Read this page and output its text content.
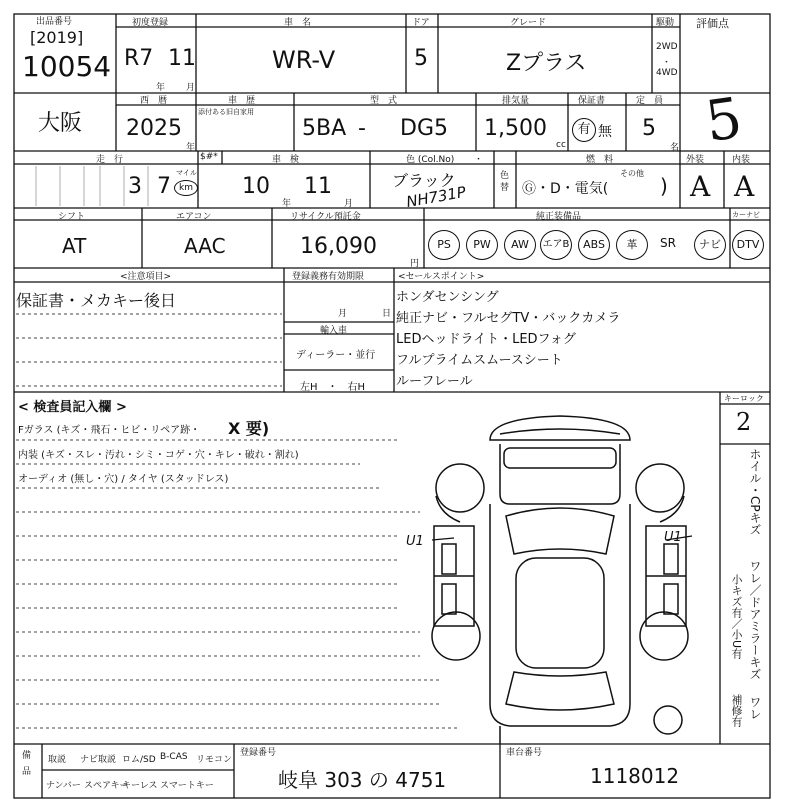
出品番号
[2019]
10054
初度登録
R7 11
年 月
車　名
WR-V
ドア
5
グレード
Zプラス
駆動
2WD
・
4WD
評価点
5
大阪
西　暦
2025
年
車　歴
添付ある旧自家用
型　式
5BA - DG5
排気量
1,500
cc
保証書
有 無
定　員
5
名
走　行	$#*
3 7
マイル
km
車　検
10
年
11
月
色 (Col.No) ・
ブラック
NH731P
色替
燃　料
Ⓖ・D・電気(
その他
)
外装
A
内装
A
シフト
AT
エアコン
AAC
リサイクル預託金
16,090
円
純正装備品	カーナビ
PS	PW	AW	エアB	ABS	革	SR	ナビ	DTV
<注意項目>
保証書・メカキー後日
登録義務有効期限
月	日
輸入車
ディーラー・並行
左H　・　右H
<セールスポイント>
ホンダセンシング
純正ナビ・フルセグTV・バックカメラ
LEDヘッドライト・LEDフォグ
フルプライムスムースシート
ルーフレール
< 検査員記入欄 >
Fガラス (キズ・飛石・ヒビ・リペア跡・ X 要)
内装 (キズ・スレ・汚れ・シミ・コゲ・穴・キレ・破れ・割れ)
オーディオ (無し・穴) / タイヤ (スタッドレス)
U1	U1
キーロック
2
ホイル・CPキズ
ワレ／ドアミラーキズ
ワレ
小キズ有／小U有
補修有
備品
取説 ナビ取説 ロム/SD B-CAS リモコン
ナンバー スペアキー
キーレス スマートキー
登録番号
岐阜 303 の 4751
車台番号
1118012
